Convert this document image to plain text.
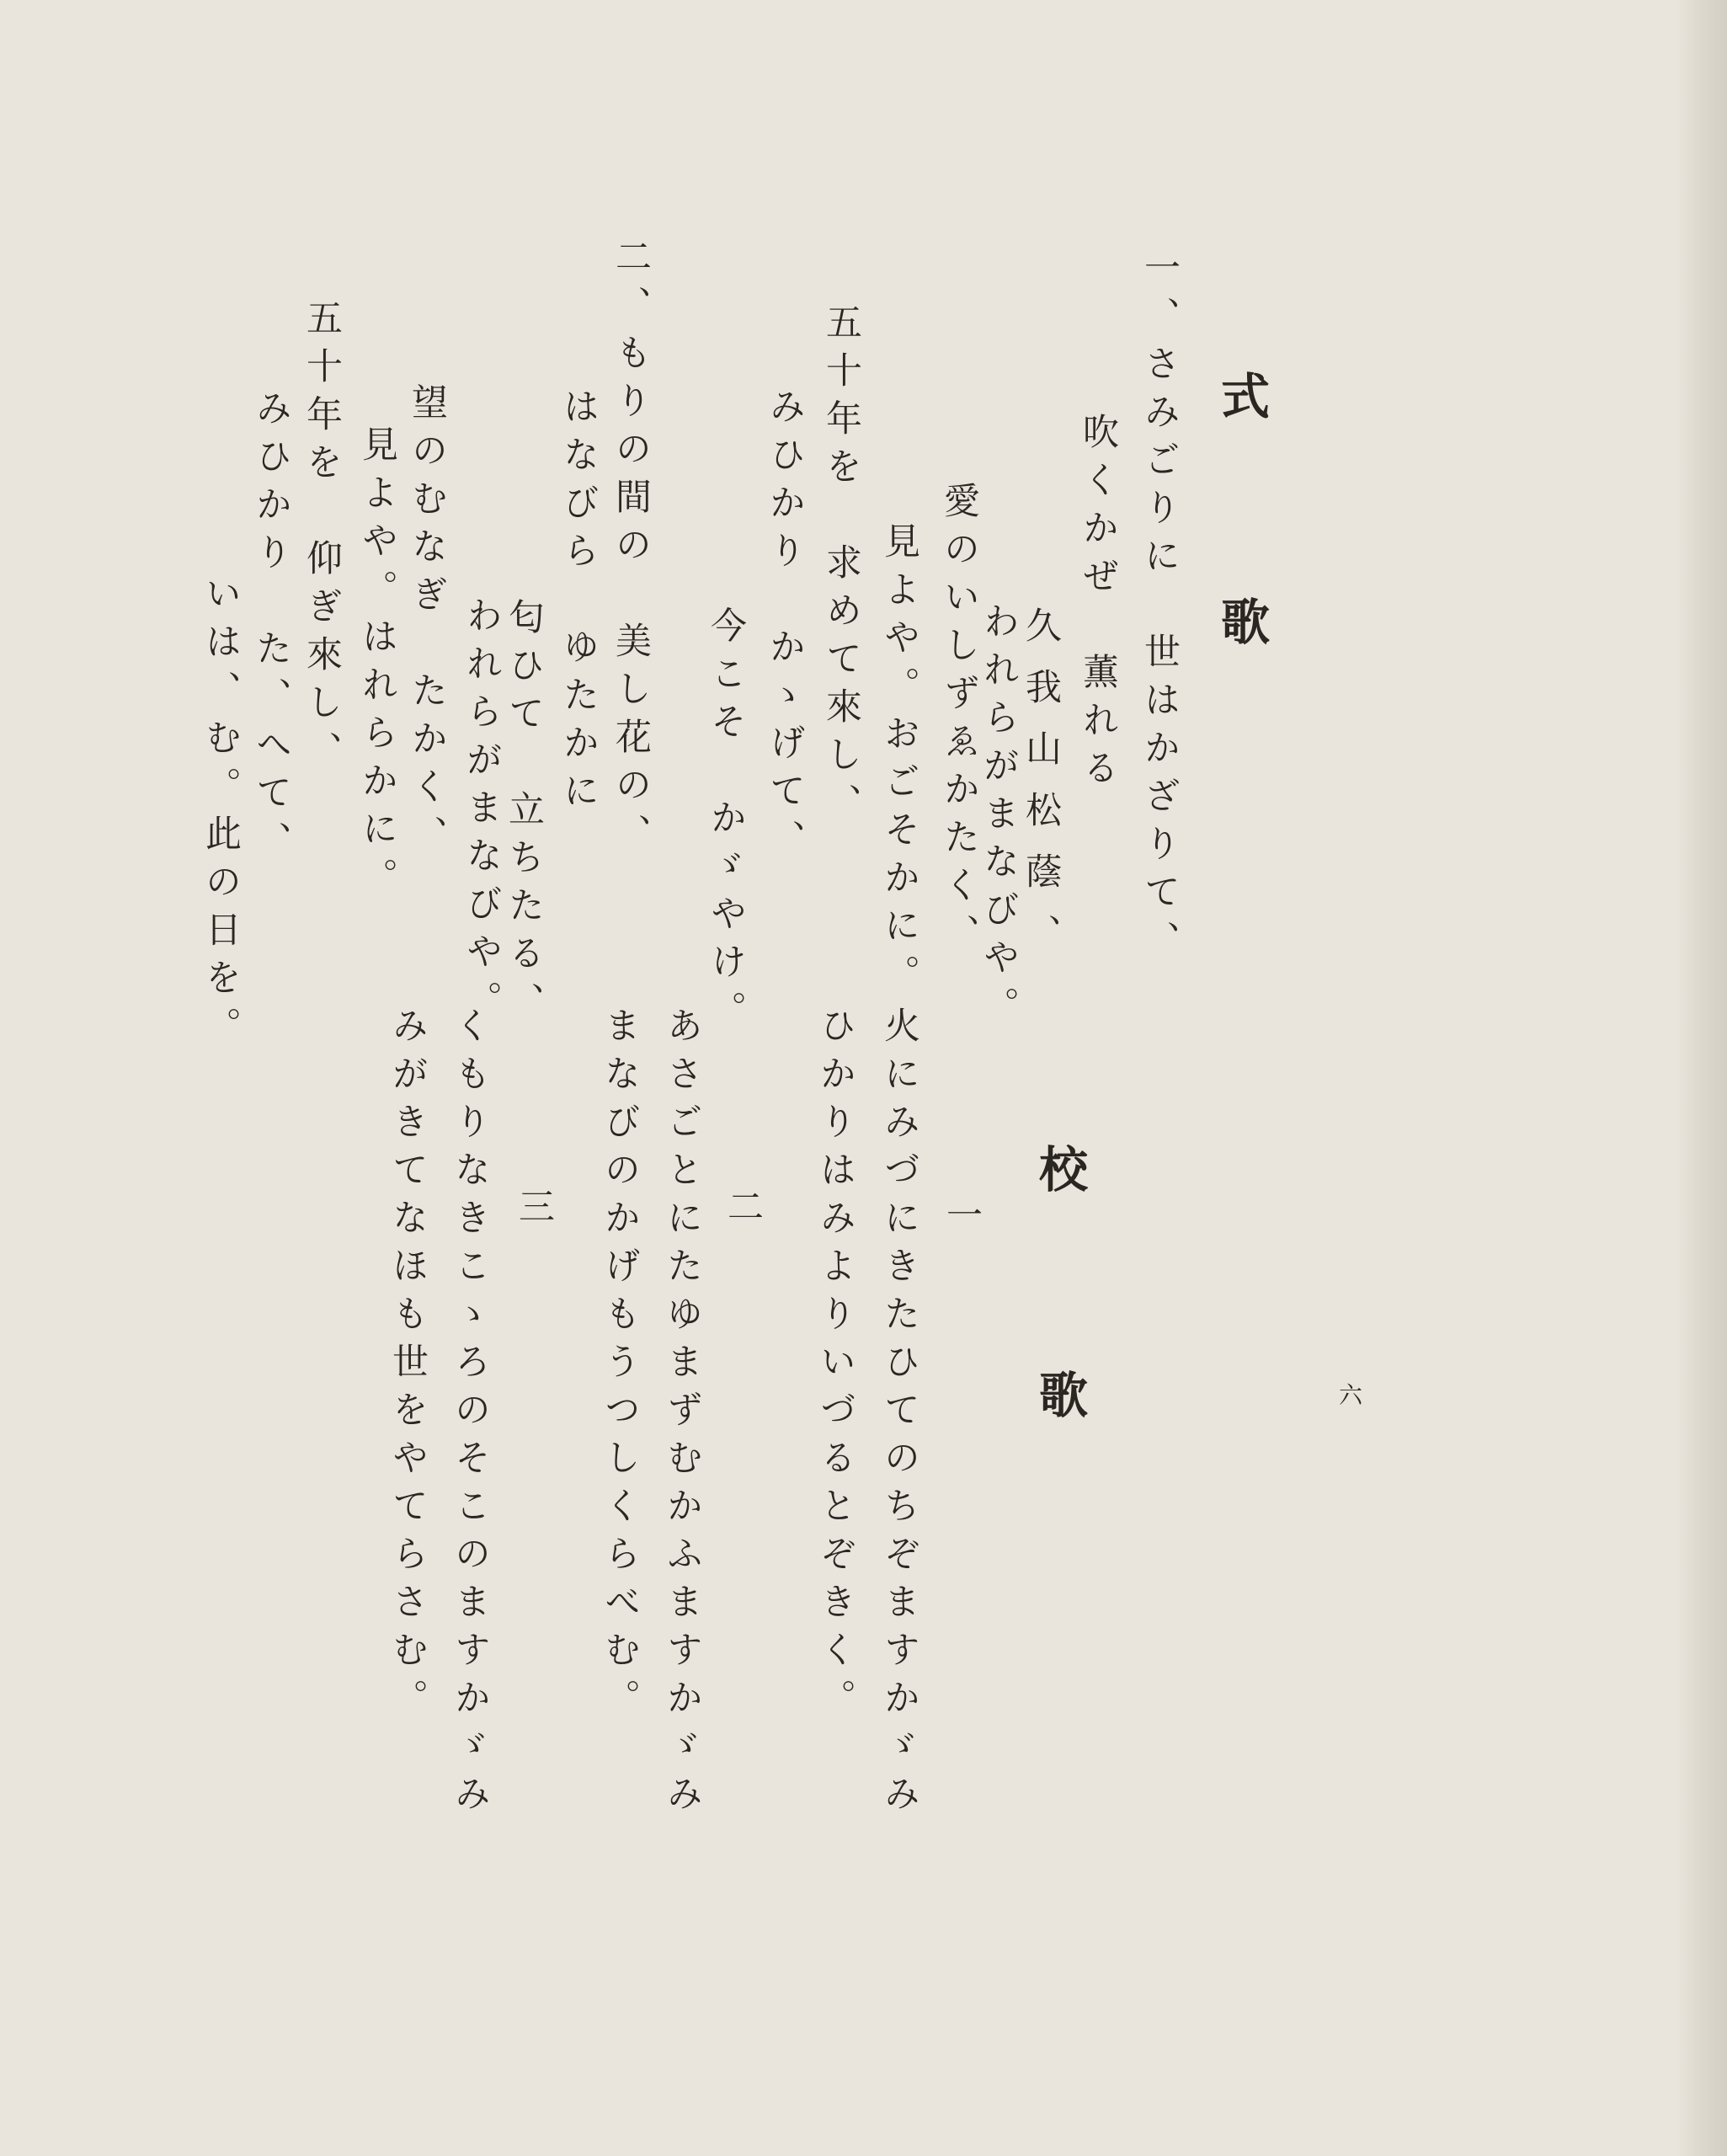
式歌
一、さみごりに　世はかざりて、
吹くかぜ　薫れる
久我山松蔭、
われらがまなびや。
愛のいしずゑかたく、
見よや。おごそかに。
五十年を　求めて來し、
みひかり　かゝげて、
今こそ　かゞやけ。
二、もりの間の　美し花の、
はなびら　ゆたかに
匂ひて　立ちたる、
われらがまなびや。
望のむなぎ　たかく、
見よや。はれらかに。
五十年を　仰ぎ來し、
みひかり　た、へて、
いは、む。此の日を。
校歌
一
火にみづにきたひてのちぞますかゞみ
ひかりはみよりいづるとぞきく。
二
あさごとにたゆまずむかふますかゞみ
まなびのかげもうつしくらべむ。
三
くもりなきこゝろのそこのますかゞみ
みがきてなほも世をやてらさむ。	六
